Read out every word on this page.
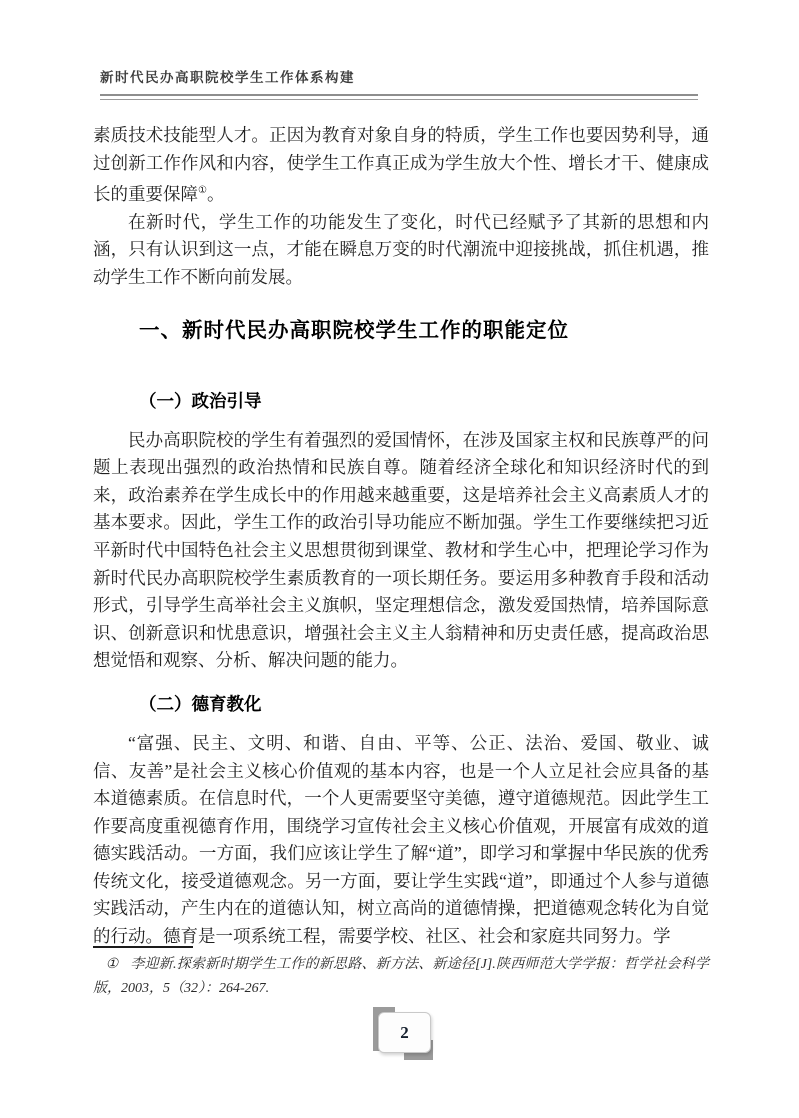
新时代民办高职院校学生工作体系构建

素质技术技能型人才。正因为教育对象自身的特质，学生工作也要因势利导，通过创新工作作风和内容，使学生工作真正成为学生放大个性、增长才干、健康成长的重要保障①。

在新时代，学生工作的功能发生了变化，时代已经赋予了其新的思想和内涵，只有认识到这一点，才能在瞬息万变的时代潮流中迎接挑战，抓住机遇，推动学生工作不断向前发展。

一、新时代民办高职院校学生工作的职能定位
（一）政治引导

民办高职院校的学生有着强烈的爱国情怀，在涉及国家主权和民族尊严的问题上表现出强烈的政治热情和民族自尊。随着经济全球化和知识经济时代的到来，政治素养在学生成长中的作用越来越重要，这是培养社会主义高素质人才的基本要求。因此，学生工作的政治引导功能应不断加强。学生工作要继续把习近平新时代中国特色社会主义思想贯彻到课堂、教材和学生心中，把理论学习作为新时代民办高职院校学生素质教育的一项长期任务。要运用多种教育手段和活动形式，引导学生高举社会主义旗帜，坚定理想信念，激发爱国热情，培养国际意识、创新意识和忧患意识，增强社会主义主人翁精神和历史责任感，提高政治思想觉悟和观察、分析、解决问题的能力。

（二）德育教化

“富强、民主、文明、和谐、自由、平等、公正、法治、爱国、敬业、诚信、友善”是社会主义核心价值观的基本内容，也是一个人立足社会应具备的基本道德素质。在信息时代，一个人更需要坚守美德，遵守道德规范。因此学生工作要高度重视德育作用，围绕学习宣传社会主义核心价值观，开展富有成效的道德实践活动。一方面，我们应该让学生了解“道”，即学习和掌握中华民族的优秀传统文化，接受道德观念。另一方面，要让学生实践“道”，即通过个人参与道德实践活动，产生内在的道德认知，树立高尚的道德情操，把道德观念转化为自觉的行动。德育是一项系统工程，需要学校、社区、社会和家庭共同努力。学

① 李迎新.探索新时期学生工作的新思路、新方法、新途径[J].陕西师范大学学报：哲学社会科学版，2003，5（32）：264-267.

2
